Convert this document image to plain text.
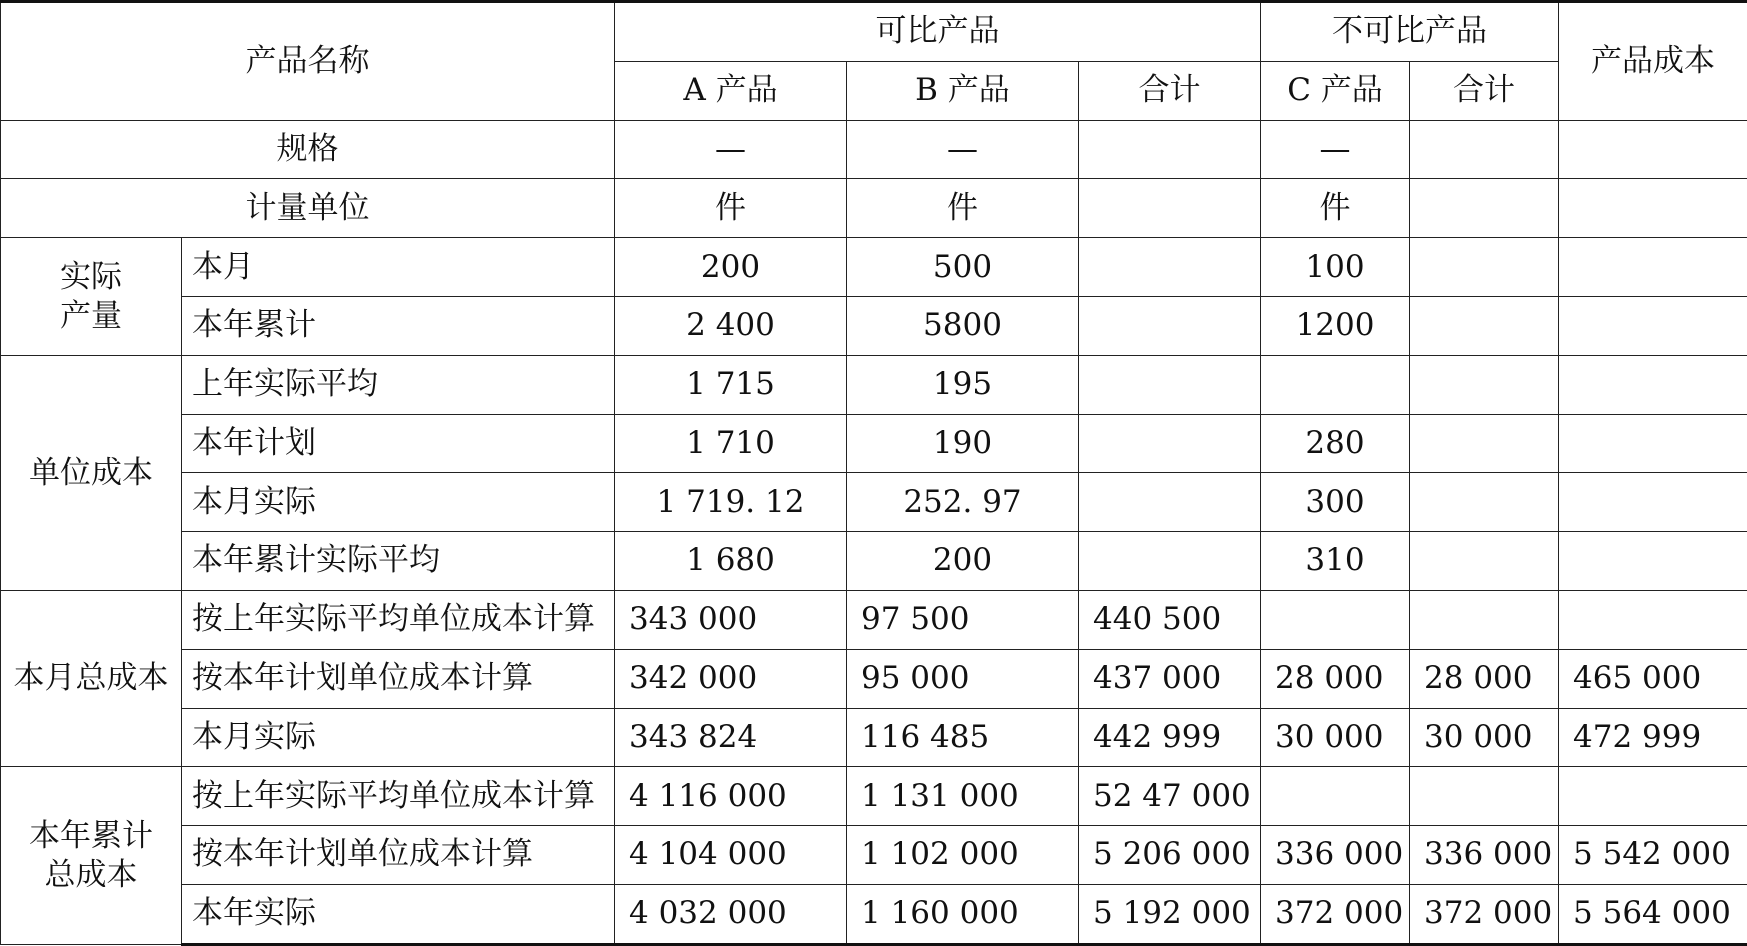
产品名称		可比产品			不可比产品		产品成本
		A 产品	B 产品	合计	C 产品	合计	
规格		—	—		—		
计量单位		件	件		件		
实际
产量	本月	200	500		100		
	本年累计	2 400	5800		1200		
单位成本	上年实际平均	1 715	195				
	本年计划	1 710	190		280		
	本月实际	1 719. 12	252. 97		300		
	本年累计实际平均	1 680	200		310		
本月总成本	按上年实际平均单位成本计算	343 000	97 500	440 500			
	按本年计划单位成本计算	342 000	95 000	437 000	28 000	28 000	465 000
	本月实际	343 824	116 485	442 999	30 000	30 000	472 999
本年累计
总成本	按上年实际平均单位成本计算	4 116 000	1 131 000	52 47 000			
	按本年计划单位成本计算	4 104 000	1 102 000	5 206 000	336 000	336 000	5 542 000
	本年实际	4 032 000	1 160 000	5 192 000	372 000	372 000	5 564 000
